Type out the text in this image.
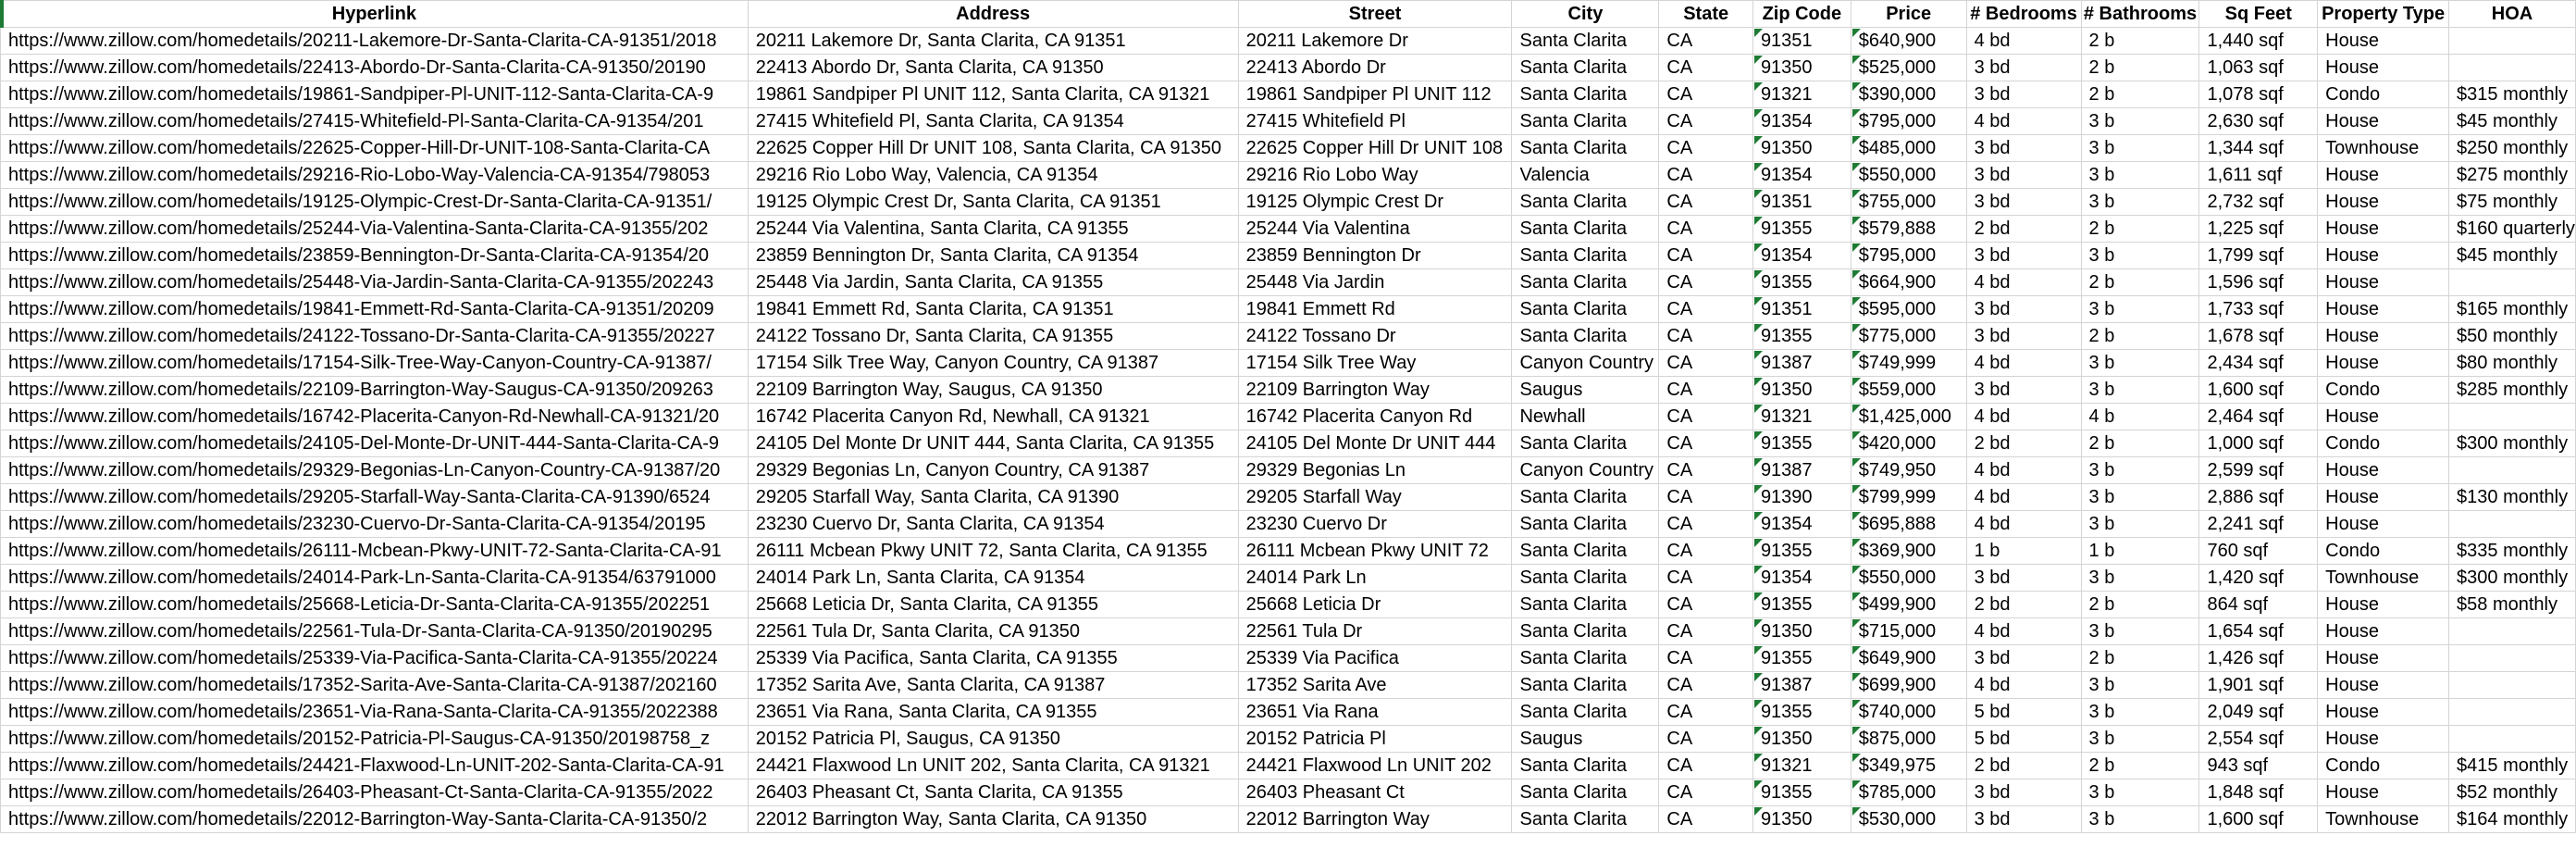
Hyperlink	Address	Street	City	State	Zip Code	Price	# Bedrooms	# Bathrooms	Sq Feet	Property Type	HOA
https://www.zillow.com/homedetails/20211-Lakemore-Dr-Santa-Clarita-CA-91351/2018	20211 Lakemore Dr, Santa Clarita, CA 91351	20211 Lakemore Dr	Santa Clarita	CA	91351	$640,900	4 bd	2 b	1,440 sqf	House	
https://www.zillow.com/homedetails/22413-Abordo-Dr-Santa-Clarita-CA-91350/20190	22413 Abordo Dr, Santa Clarita, CA 91350	22413 Abordo Dr	Santa Clarita	CA	91350	$525,000	3 bd	2 b	1,063 sqf	House	
https://www.zillow.com/homedetails/19861-Sandpiper-Pl-UNIT-112-Santa-Clarita-CA-9	19861 Sandpiper Pl UNIT 112, Santa Clarita, CA 91321	19861 Sandpiper Pl UNIT 112	Santa Clarita	CA	91321	$390,000	3 bd	2 b	1,078 sqf	Condo	$315 monthly
https://www.zillow.com/homedetails/27415-Whitefield-Pl-Santa-Clarita-CA-91354/201	27415 Whitefield Pl, Santa Clarita, CA 91354	27415 Whitefield Pl	Santa Clarita	CA	91354	$795,000	4 bd	3 b	2,630 sqf	House	$45 monthly
https://www.zillow.com/homedetails/22625-Copper-Hill-Dr-UNIT-108-Santa-Clarita-CA	22625 Copper Hill Dr UNIT 108, Santa Clarita, CA 91350	22625 Copper Hill Dr UNIT 108	Santa Clarita	CA	91350	$485,000	3 bd	3 b	1,344 sqf	Townhouse	$250 monthly
https://www.zillow.com/homedetails/29216-Rio-Lobo-Way-Valencia-CA-91354/798053	29216 Rio Lobo Way, Valencia, CA 91354	29216 Rio Lobo Way	Valencia	CA	91354	$550,000	3 bd	3 b	1,611 sqf	House	$275 monthly
https://www.zillow.com/homedetails/19125-Olympic-Crest-Dr-Santa-Clarita-CA-91351/	19125 Olympic Crest Dr, Santa Clarita, CA 91351	19125 Olympic Crest Dr	Santa Clarita	CA	91351	$755,000	3 bd	3 b	2,732 sqf	House	$75 monthly
https://www.zillow.com/homedetails/25244-Via-Valentina-Santa-Clarita-CA-91355/202	25244 Via Valentina, Santa Clarita, CA 91355	25244 Via Valentina	Santa Clarita	CA	91355	$579,888	2 bd	2 b	1,225 sqf	House	$160 quarterly
https://www.zillow.com/homedetails/23859-Bennington-Dr-Santa-Clarita-CA-91354/20	23859 Bennington Dr, Santa Clarita, CA 91354	23859 Bennington Dr	Santa Clarita	CA	91354	$795,000	3 bd	3 b	1,799 sqf	House	$45 monthly
https://www.zillow.com/homedetails/25448-Via-Jardin-Santa-Clarita-CA-91355/202243	25448 Via Jardin, Santa Clarita, CA 91355	25448 Via Jardin	Santa Clarita	CA	91355	$664,900	4 bd	2 b	1,596 sqf	House	
https://www.zillow.com/homedetails/19841-Emmett-Rd-Santa-Clarita-CA-91351/20209	19841 Emmett Rd, Santa Clarita, CA 91351	19841 Emmett Rd	Santa Clarita	CA	91351	$595,000	3 bd	3 b	1,733 sqf	House	$165 monthly
https://www.zillow.com/homedetails/24122-Tossano-Dr-Santa-Clarita-CA-91355/20227	24122 Tossano Dr, Santa Clarita, CA 91355	24122 Tossano Dr	Santa Clarita	CA	91355	$775,000	3 bd	2 b	1,678 sqf	House	$50 monthly
https://www.zillow.com/homedetails/17154-Silk-Tree-Way-Canyon-Country-CA-91387/	17154 Silk Tree Way, Canyon Country, CA 91387	17154 Silk Tree Way	Canyon Country	CA	91387	$749,999	4 bd	3 b	2,434 sqf	House	$80 monthly
https://www.zillow.com/homedetails/22109-Barrington-Way-Saugus-CA-91350/209263	22109 Barrington Way, Saugus, CA 91350	22109 Barrington Way	Saugus	CA	91350	$559,000	3 bd	3 b	1,600 sqf	Condo	$285 monthly
https://www.zillow.com/homedetails/16742-Placerita-Canyon-Rd-Newhall-CA-91321/20	16742 Placerita Canyon Rd, Newhall, CA 91321	16742 Placerita Canyon Rd	Newhall	CA	91321	$1,425,000	4 bd	4 b	2,464 sqf	House	
https://www.zillow.com/homedetails/24105-Del-Monte-Dr-UNIT-444-Santa-Clarita-CA-9	24105 Del Monte Dr UNIT 444, Santa Clarita, CA 91355	24105 Del Monte Dr UNIT 444	Santa Clarita	CA	91355	$420,000	2 bd	2 b	1,000 sqf	Condo	$300 monthly
https://www.zillow.com/homedetails/29329-Begonias-Ln-Canyon-Country-CA-91387/20	29329 Begonias Ln, Canyon Country, CA 91387	29329 Begonias Ln	Canyon Country	CA	91387	$749,950	4 bd	3 b	2,599 sqf	House	
https://www.zillow.com/homedetails/29205-Starfall-Way-Santa-Clarita-CA-91390/6524	29205 Starfall Way, Santa Clarita, CA 91390	29205 Starfall Way	Santa Clarita	CA	91390	$799,999	4 bd	3 b	2,886 sqf	House	$130 monthly
https://www.zillow.com/homedetails/23230-Cuervo-Dr-Santa-Clarita-CA-91354/20195	23230 Cuervo Dr, Santa Clarita, CA 91354	23230 Cuervo Dr	Santa Clarita	CA	91354	$695,888	4 bd	3 b	2,241 sqf	House	
https://www.zillow.com/homedetails/26111-Mcbean-Pkwy-UNIT-72-Santa-Clarita-CA-91	26111 Mcbean Pkwy UNIT 72, Santa Clarita, CA 91355	26111 Mcbean Pkwy UNIT 72	Santa Clarita	CA	91355	$369,900	1 b	1 b	760 sqf	Condo	$335 monthly
https://www.zillow.com/homedetails/24014-Park-Ln-Santa-Clarita-CA-91354/63791000	24014 Park Ln, Santa Clarita, CA 91354	24014 Park Ln	Santa Clarita	CA	91354	$550,000	3 bd	3 b	1,420 sqf	Townhouse	$300 monthly
https://www.zillow.com/homedetails/25668-Leticia-Dr-Santa-Clarita-CA-91355/202251	25668 Leticia Dr, Santa Clarita, CA 91355	25668 Leticia Dr	Santa Clarita	CA	91355	$499,900	2 bd	2 b	864 sqf	House	$58 monthly
https://www.zillow.com/homedetails/22561-Tula-Dr-Santa-Clarita-CA-91350/20190295	22561 Tula Dr, Santa Clarita, CA 91350	22561 Tula Dr	Santa Clarita	CA	91350	$715,000	4 bd	3 b	1,654 sqf	House	
https://www.zillow.com/homedetails/25339-Via-Pacifica-Santa-Clarita-CA-91355/20224	25339 Via Pacifica, Santa Clarita, CA 91355	25339 Via Pacifica	Santa Clarita	CA	91355	$649,900	3 bd	2 b	1,426 sqf	House	
https://www.zillow.com/homedetails/17352-Sarita-Ave-Santa-Clarita-CA-91387/202160	17352 Sarita Ave, Santa Clarita, CA 91387	17352 Sarita Ave	Santa Clarita	CA	91387	$699,900	4 bd	3 b	1,901 sqf	House	
https://www.zillow.com/homedetails/23651-Via-Rana-Santa-Clarita-CA-91355/2022388	23651 Via Rana, Santa Clarita, CA 91355	23651 Via Rana	Santa Clarita	CA	91355	$740,000	5 bd	3 b	2,049 sqf	House	
https://www.zillow.com/homedetails/20152-Patricia-Pl-Saugus-CA-91350/20198758_z	20152 Patricia Pl, Saugus, CA 91350	20152 Patricia Pl	Saugus	CA	91350	$875,000	5 bd	3 b	2,554 sqf	House	
https://www.zillow.com/homedetails/24421-Flaxwood-Ln-UNIT-202-Santa-Clarita-CA-91	24421 Flaxwood Ln UNIT 202, Santa Clarita, CA 91321	24421 Flaxwood Ln UNIT 202	Santa Clarita	CA	91321	$349,975	2 bd	2 b	943 sqf	Condo	$415 monthly
https://www.zillow.com/homedetails/26403-Pheasant-Ct-Santa-Clarita-CA-91355/2022	26403 Pheasant Ct, Santa Clarita, CA 91355	26403 Pheasant Ct	Santa Clarita	CA	91355	$785,000	3 bd	3 b	1,848 sqf	House	$52 monthly
https://www.zillow.com/homedetails/22012-Barrington-Way-Santa-Clarita-CA-91350/2	22012 Barrington Way, Santa Clarita, CA 91350	22012 Barrington Way	Santa Clarita	CA	91350	$530,000	3 bd	3 b	1,600 sqf	Townhouse	$164 monthly
